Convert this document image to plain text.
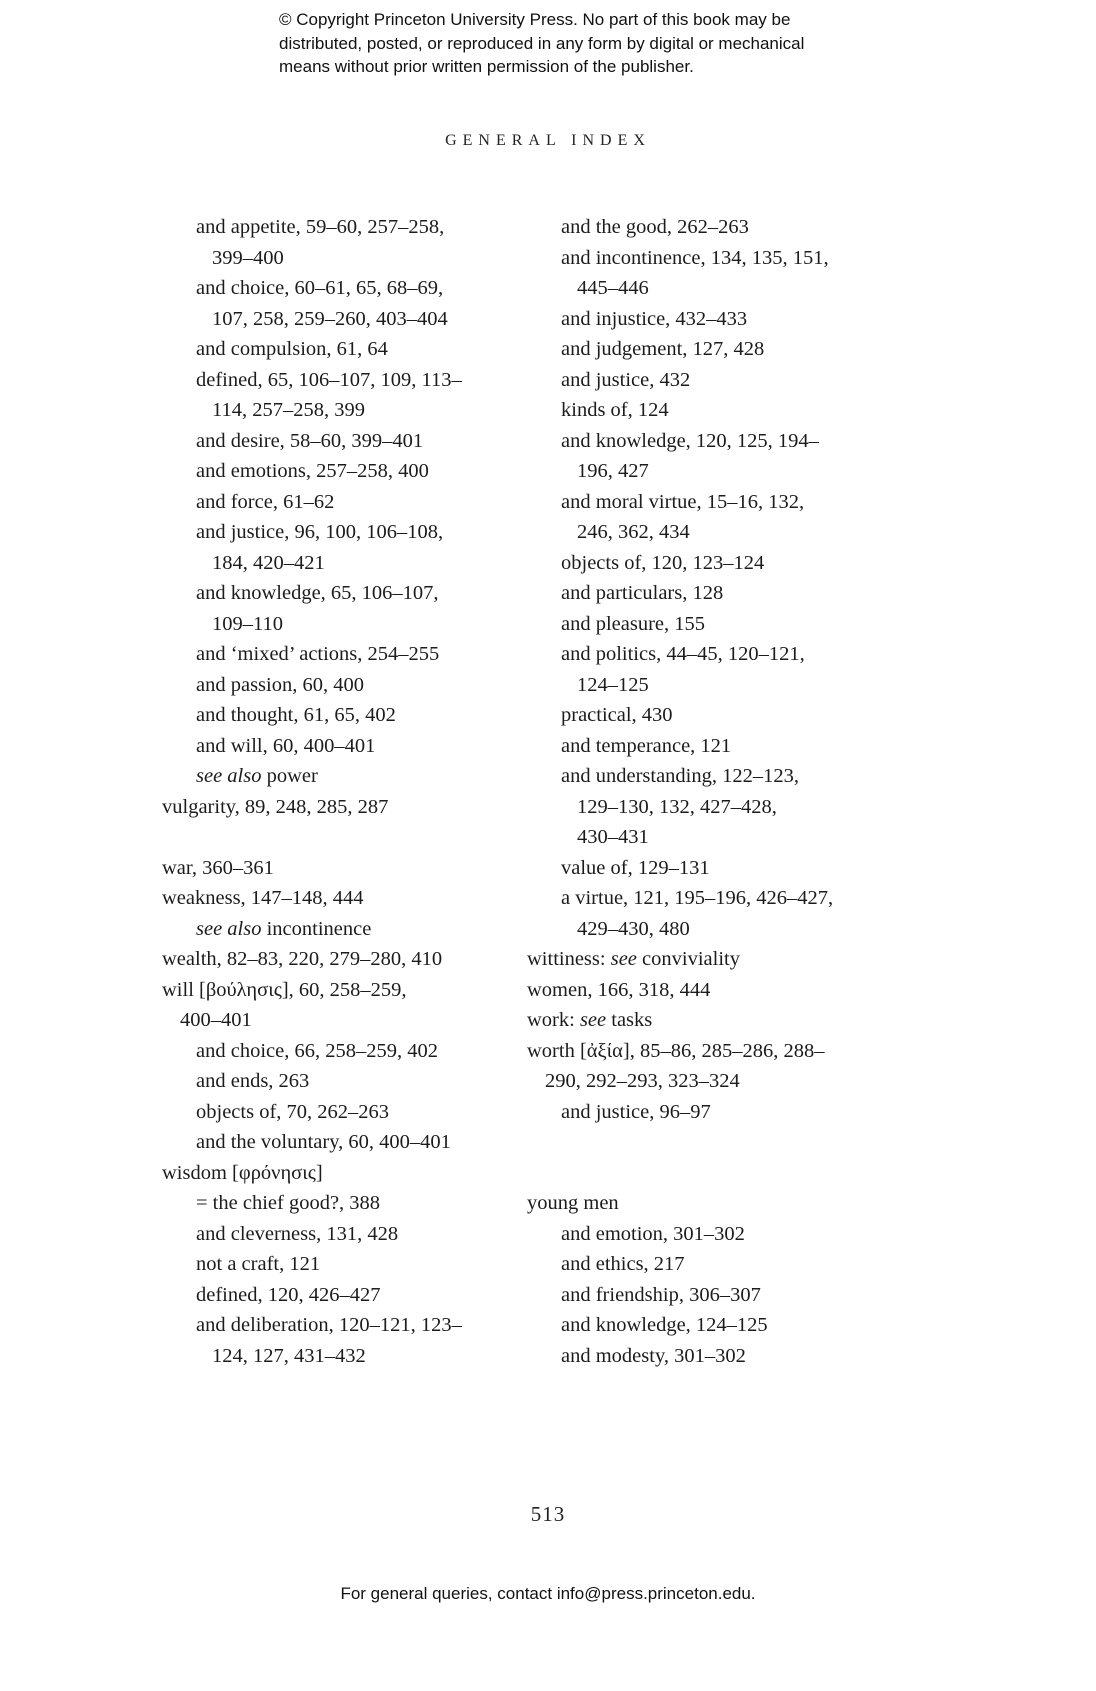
© Copyright Princeton University Press. No part of this book may be
distributed, posted, or reproduced in any form by digital or mechanical
means without prior written permission of the publisher.
GENERAL INDEX
and appetite, 59–60, 257–258,
399–400
and choice, 60–61, 65, 68–69,
107, 258, 259–260, 403–404
and compulsion, 61, 64
defined, 65, 106–107, 109, 113–
114, 257–258, 399
and desire, 58–60, 399–401
and emotions, 257–258, 400
and force, 61–62
and justice, 96, 100, 106–108,
184, 420–421
and knowledge, 65, 106–107,
109–110
and ‘mixed’ actions, 254–255
and passion, 60, 400
and thought, 61, 65, 402
and will, 60, 400–401
see also power
vulgarity, 89, 248, 285, 287
war, 360–361
weakness, 147–148, 444
see also incontinence
wealth, 82–83, 220, 279–280, 410
will [βούλησις], 60, 258–259,
400–401
and choice, 66, 258–259, 402
and ends, 263
objects of, 70, 262–263
and the voluntary, 60, 400–401
wisdom [φρόνησις]
= the chief good?, 388
and cleverness, 131, 428
not a craft, 121
defined, 120, 426–427
and deliberation, 120–121, 123–
124, 127, 431–432
and the good, 262–263
and incontinence, 134, 135, 151,
445–446
and injustice, 432–433
and judgement, 127, 428
and justice, 432
kinds of, 124
and knowledge, 120, 125, 194–
196, 427
and moral virtue, 15–16, 132,
246, 362, 434
objects of, 120, 123–124
and particulars, 128
and pleasure, 155
and politics, 44–45, 120–121,
124–125
practical, 430
and temperance, 121
and understanding, 122–123,
129–130, 132, 427–428,
430–431
value of, 129–131
a virtue, 121, 195–196, 426–427,
429–430, 480
wittiness: see conviviality
women, 166, 318, 444
work: see tasks
worth [ἀξία], 85–86, 285–286, 288–
290, 292–293, 323–324
and justice, 96–97
young men
and emotion, 301–302
and ethics, 217
and friendship, 306–307
and knowledge, 124–125
and modesty, 301–302
513
For general queries, contact info@press.princeton.edu.
